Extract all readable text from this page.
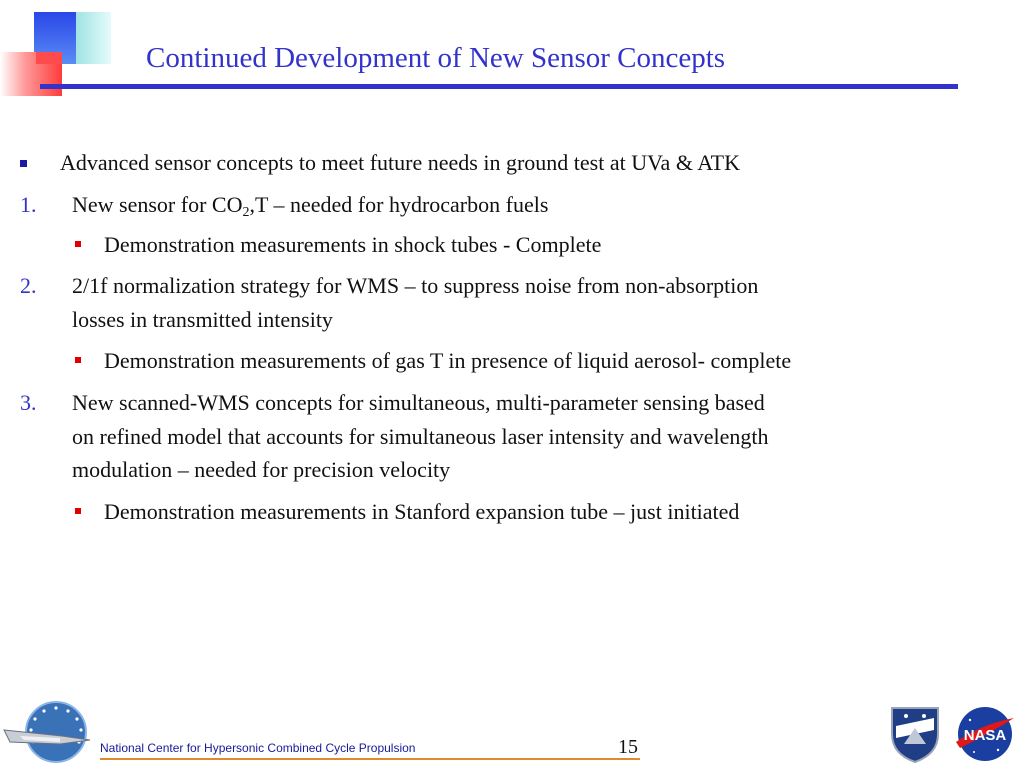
Continued Development of New Sensor Concepts
Advanced sensor concepts to meet future needs in ground test at UVa & ATK
1. New sensor for $CO_2,T$ – needed for hydrocarbon fuels
Demonstration measurements in shock tubes - Complete
2. 2/1f normalization strategy for WMS – to suppress noise from non-absorption
losses in transmitted intensity
Demonstration measurements of gas T in presence of liquid aerosol- complete
3. New scanned-WMS concepts for simultaneous, multi-parameter sensing based
on refined model that accounts for simultaneous laser intensity and wavelength
modulation – needed for precision velocity
Demonstration measurements in Stanford expansion tube – just initiated
National Center for Hypersonic Combined Cycle Propulsion	15
NASA
